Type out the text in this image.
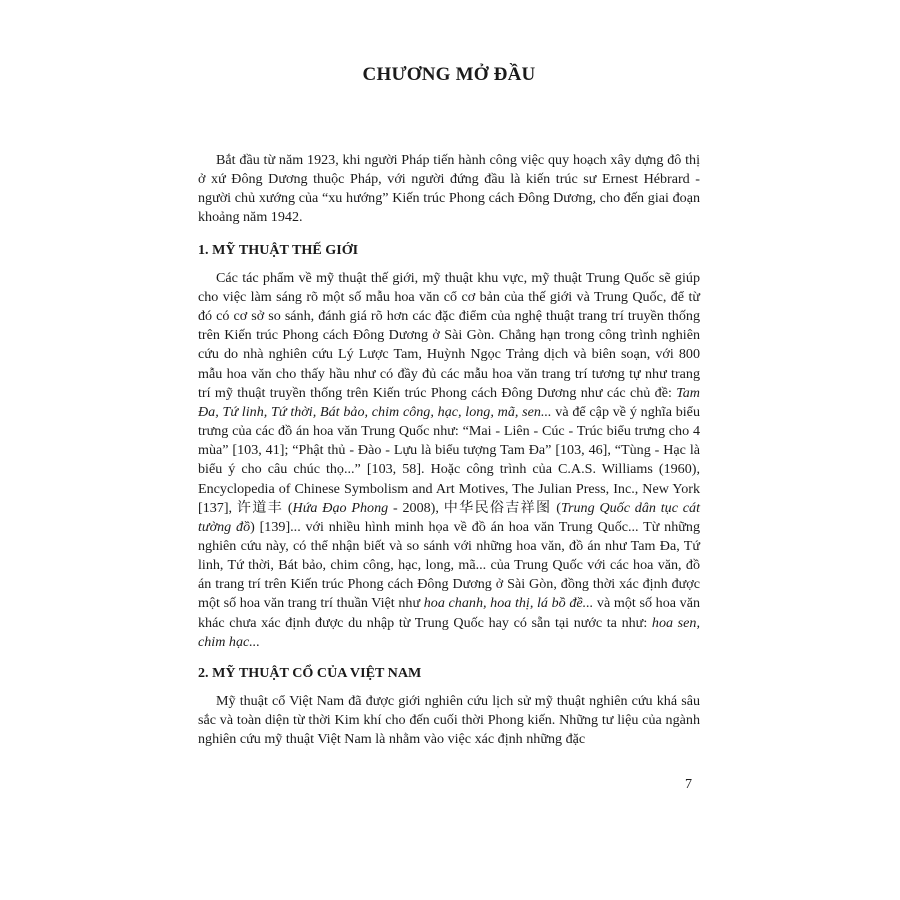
CHƯƠNG MỞ ĐẦU

Bắt đầu từ năm 1923, khi người Pháp tiến hành công việc quy hoạch xây dựng đô thị ở xứ Đông Dương thuộc Pháp, với người đứng đầu là kiến trúc sư Ernest Hébrard - người chủ xướng của “xu hướng” Kiến trúc Phong cách Đông Dương, cho đến giai đoạn khoảng năm 1942.

1. MỸ THUẬT THẾ GIỚI

Các tác phẩm về mỹ thuật thế giới, mỹ thuật khu vực, mỹ thuật Trung Quốc sẽ giúp cho việc làm sáng rõ một số mẫu hoa văn cổ cơ bản của thế giới và Trung Quốc, để từ đó có cơ sở so sánh, đánh giá rõ hơn các đặc điểm của nghệ thuật trang trí truyền thống trên Kiến trúc Phong cách Đông Dương ở Sài Gòn. Chẳng hạn trong công trình nghiên cứu do nhà nghiên cứu Lý Lược Tam, Huỳnh Ngọc Trảng dịch và biên soạn, với 800 mẫu hoa văn cho thấy hầu như có đầy đủ các mẫu hoa văn trang trí tương tự như trang trí mỹ thuật truyền thống trên Kiến trúc Phong cách Đông Dương như các chủ đề: Tam Đa, Tứ linh, Tứ thời, Bát bảo, chim công, hạc, long, mã, sen... và để cập về ý nghĩa biểu trưng của các đồ án hoa văn Trung Quốc như: “Mai - Liên - Cúc - Trúc biểu trưng cho 4 mùa” [103, 41]; “Phật thủ - Đào - Lựu là biểu tượng Tam Đa” [103, 46], “Tùng - Hạc là biểu ý cho câu chúc thọ...” [103, 58]. Hoặc công trình của C.A.S. Williams (1960), Encyclopedia of Chinese Symbolism and Art Motives, The Julian Press, Inc., New York [137], 许道丰 (Hứa Đạo Phong - 2008), 中华民俗吉祥图 (Trung Quốc dân tục cát tường đồ) [139]... với nhiều hình minh họa về đồ án hoa văn Trung Quốc... Từ những nghiên cứu này, có thể nhận biết và so sánh với những hoa văn, đồ án như Tam Đa, Tứ linh, Tứ thời, Bát bảo, chim công, hạc, long, mã... của Trung Quốc với các hoa văn, đồ án trang trí trên Kiến trúc Phong cách Đông Dương ở Sài Gòn, đồng thời xác định được một số hoa văn trang trí thuần Việt như hoa chanh, hoa thị, lá bồ đề... và một số hoa văn khác chưa xác định được du nhập từ Trung Quốc hay có sẵn tại nước ta như: hoa sen, chim hạc...

2. MỸ THUẬT CỔ CỦA VIỆT NAM

Mỹ thuật cổ Việt Nam đã được giới nghiên cứu lịch sử mỹ thuật nghiên cứu khá sâu sắc và toàn diện từ thời Kim khí cho đến cuối thời Phong kiến. Những tư liệu của ngành nghiên cứu mỹ thuật Việt Nam là nhằm vào việc xác định những đặc

7
